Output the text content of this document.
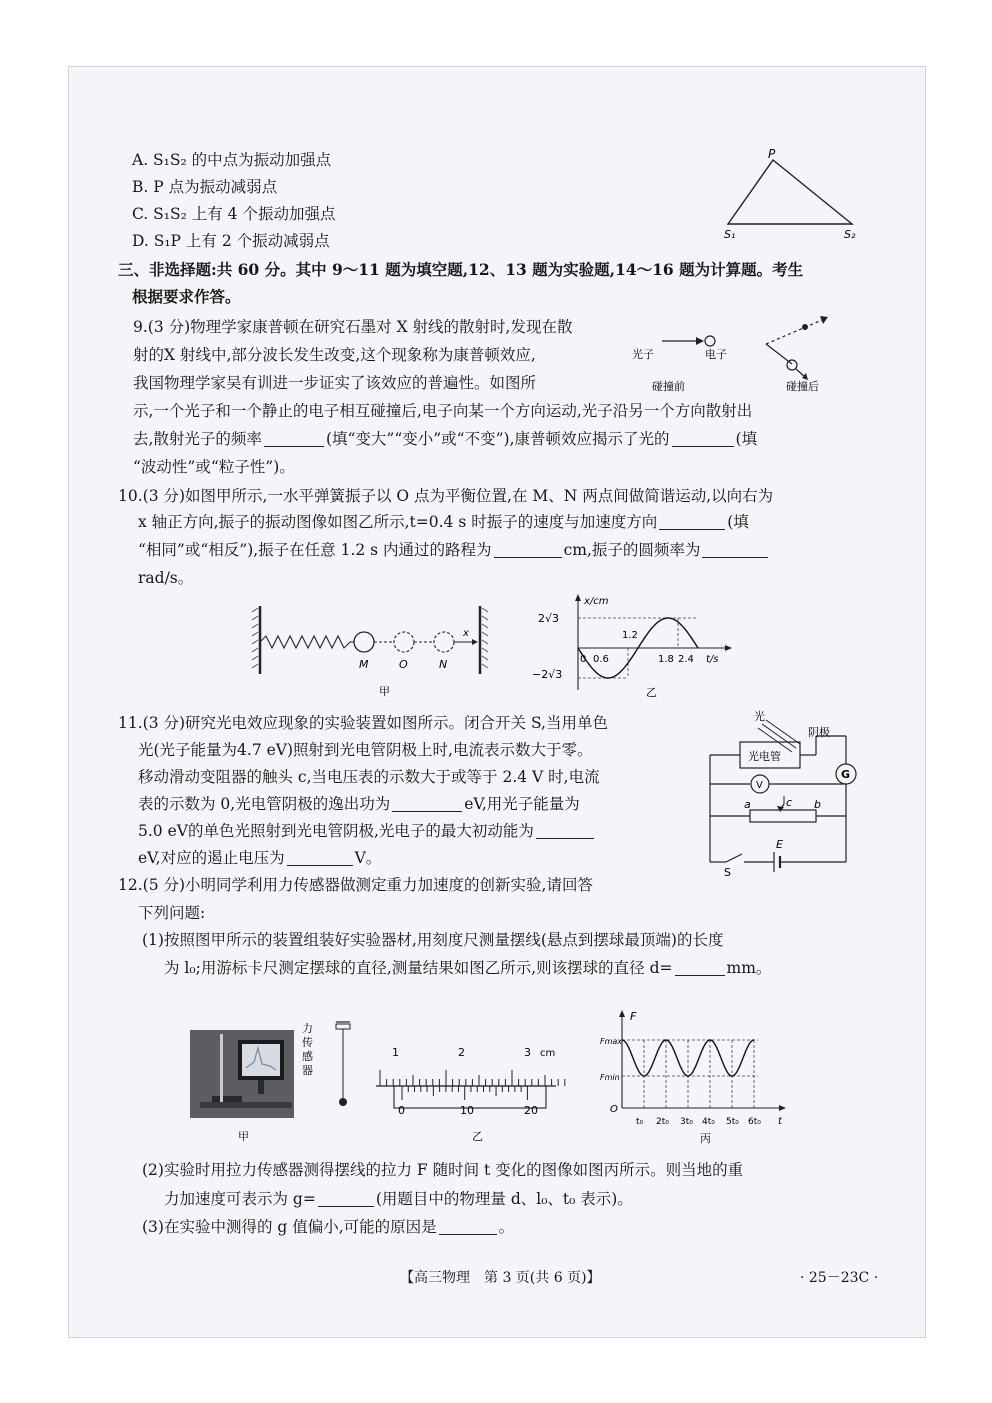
A. S₁S₂ 的中点为振动加强点
B. P 点为振动减弱点
C. S₁S₂ 上有 4 个振动加强点
D. S₁P 上有 2 个振动减弱点
P
S₁	S₂
三、非选择题:共 60 分。其中 9～11 题为填空题,12、13 题为实验题,14～16 题为计算题。考生
根据要求作答。
9.(3 分)物理学家康普顿在研究石墨对 X 射线的散射时,发现在散
射的X 射线中,部分波长发生改变,这个现象称为康普顿效应,
我国物理学家吴有训进一步证实了该效应的普遍性。如图所
示,一个光子和一个静止的电子相互碰撞后,电子向某一个方向运动,光子沿另一个方向散射出
去,散射光子的频率	(填“变大”“变小”或“不变”),康普顿效应揭示了光的	(填
“波动性”或“粒子性”)。
光子	电子
碰撞前	碰撞后
10.(3 分)如图甲所示,一水平弹簧振子以 O 点为平衡位置,在 M、N 两点间做简谐运动,以向右为
x 轴正方向,振子的振动图像如图乙所示,t=0.4 s 时振子的速度与加速度方向	(填
“相同”或“相反”),振子在任意 1.2 s 内通过的路程为	cm,振子的圆频率为
rad/s。
x
M	O	N
甲
x/cm
2√3
−2√3
0 0.6
1.2
1.8 2.4 t/s
乙
11.(3 分)研究光电效应现象的实验装置如图所示。闭合开关 S,当用单色
光(光子能量为4.7 eV)照射到光电管阴极上时,电流表示数大于零。
移动滑动变阻器的触头 c,当电压表的示数大于或等于 2.4 V 时,电流
表的示数为 0,光电管阴极的逸出功为	eV,用光子能量为
5.0 eV的单色光照射到光电管阴极,光电子的最大初动能为
eV,对应的遏止电压为	V。
光
阴极
光电管
G
V
a	c b
E
S
12.(5 分)小明同学利用力传感器做测定重力加速度的创新实验,请回答
下列问题:
(1)按照图甲所示的装置组装好实验器材,用刻度尺测量摆线(悬点到摆球最顶端)的长度
为 l₀;用游标卡尺测定摆球的直径,测量结果如图乙所示,则该摆球的直径 d=	mm。
力
传
感
器
甲
1	2	3 cm
0	10	20
乙
F
Fmax
Fmin
O
t₀ 2t₀ 3t₀ 4t₀ 5t₀ 6t₀ t
丙
(2)实验时用拉力传感器测得摆线的拉力 F 随时间 t 变化的图像如图丙所示。则当地的重
力加速度可表示为 g=	(用题目中的物理量 d、l₀、t₀ 表示)。
(3)在实验中测得的 g 值偏小,可能的原因是	。
【高三物理　第 3 页(共 6 页)】	· 25－23C ·
